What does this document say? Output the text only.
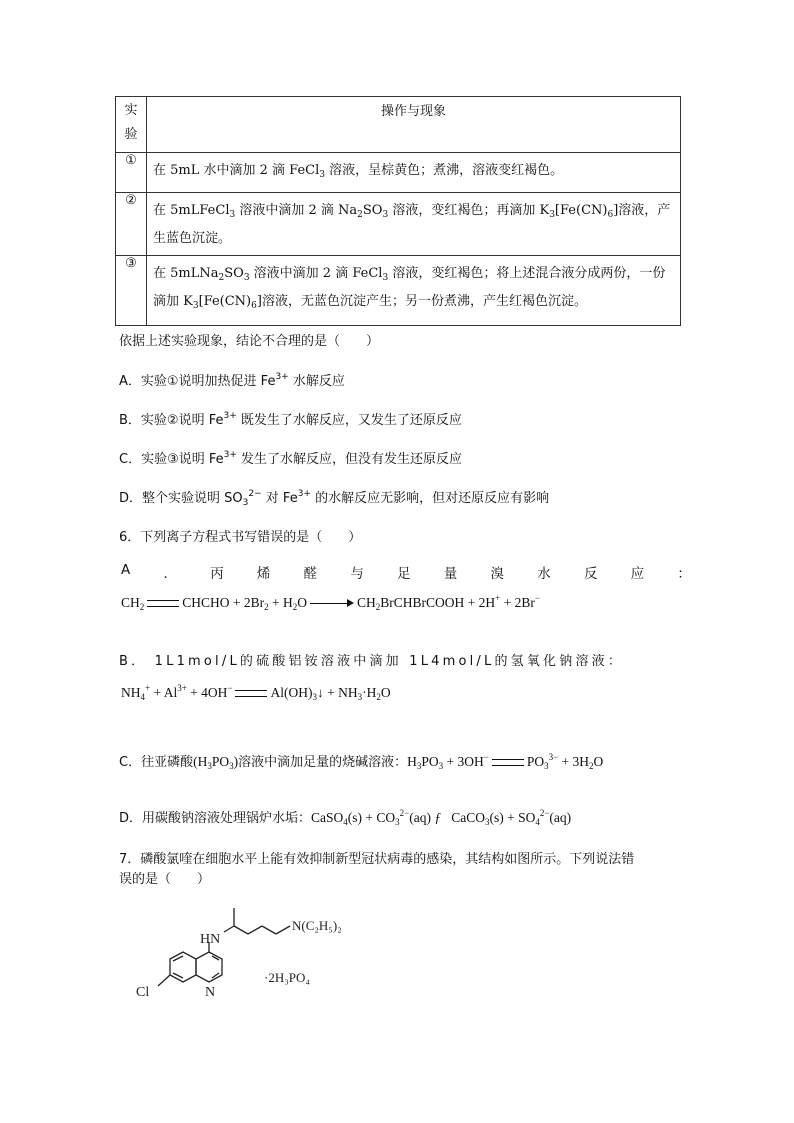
实
验	操作与现象

①	在 5mL 水中滴加 2 滴 FeCl$_3$ 溶液，呈棕黄色；煮沸，溶液变红褐色。
②	在 5mLFeCl$_3$ 溶液中滴加 2 滴 $Na_2SO_3$ 溶液，变红褐色；再滴加 $K_3[Fe(CN)_6]$溶液，产生蓝色沉淀。
③	在 $5mLNa_2SO_3$ 溶液中滴加 2 滴 FeCl$_3$ 溶液，变红褐色；将上述混合液分成两份，一份滴加 $K_3[Fe(CN)_6]$溶液，无蓝色沉淀产生；另一份煮沸，产生红褐色沉淀。
依据上述实验现象，结论不合理的是（　　）
A．实验①说明加热促进 $Fe^{3+}$ 水解反应
B．实验②说明 $Fe^{3+}$ 既发生了水解反应，又发生了还原反应
C．实验③说明 $Fe^{3+}$ 发生了水解反应，但没有发生还原反应
D．整个实验说明 $SO_3^{2-}$ 对 $Fe^{3+}$ 的水解反应无影响，但对还原反应有影响
6．下列离子方程式书写错误的是（　　）
A ． 丙 烯 醛 与 足 量 溴 水 反 应 ：
$CH_2$	CHCHO + $2Br_2 + H_2O$	$CH_2BrCHBrCOOH + 2H^+ + 2Br^-$
B． 1L1mol/L的硫酸铝铵溶液中滴加 1L4mol/L的氢氧化钠溶液：
$NH_4^+ + Al^{3+} + 4OH^-$	$Al(OH)_3↓ + NH_3\cdot H_2O$
C．往亚磷酸$(H_3PO_3)$溶液中滴加足量的烧碱溶液：$H_3PO_3 + 3OH^-$	$PO_3^{3-} + 3H_2O$
D．用碳酸钠溶液处理锅炉水垢：CaSO$_4$(s) + $CO_3^{2-}(aq)$ ƒ   CaCO$_3$(s) + $SO_4^{2-}(aq)$
7．磷酸氯喹在细胞水平上能有效抑制新型冠状病毒的感染，其结构如图所示。下列说法错
误的是（　　）
HN
N(C₂H₅)₂
Cl	N
·2H₃PO₄
